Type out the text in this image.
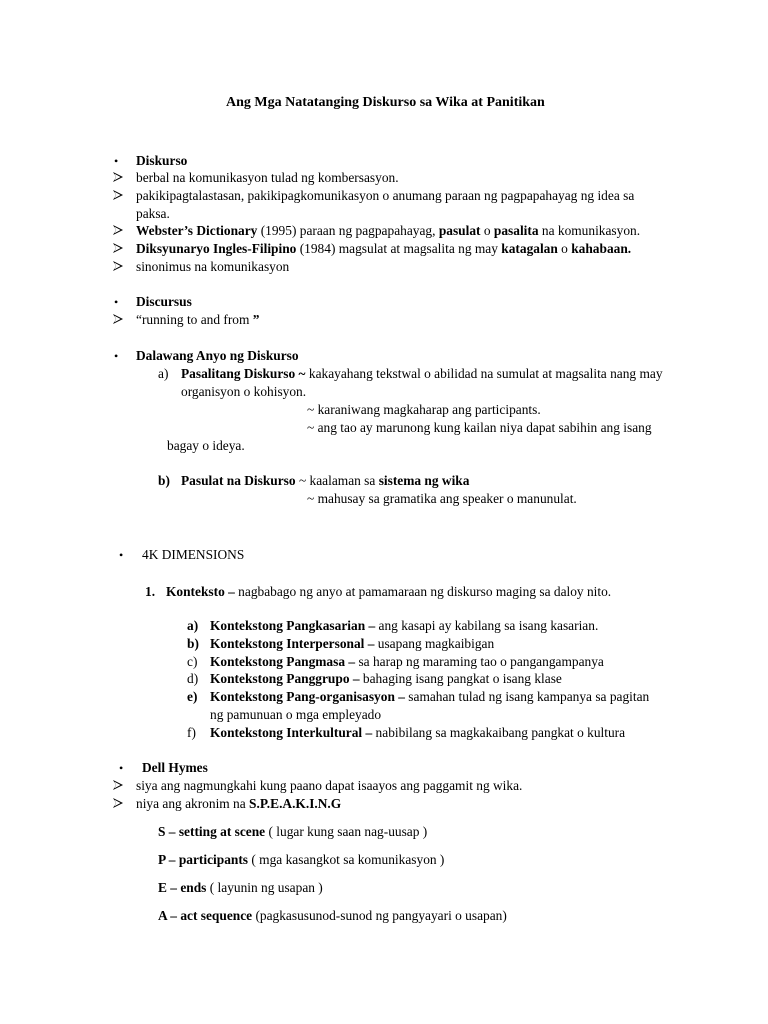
Ang Mga Natatanging Diskurso sa Wika at Panitikan
• Diskurso
berbal na komunikasyon tulad ng kombersasyon.
pakikipagtalastasan, pakikipagkomunikasyon o anumang paraan ng pagpapahayag ng idea sa
paksa.
Webster’s Dictionary (1995) paraan ng pagpapahayag, pasulat o pasalita na komunikasyon.
Diksyunaryo Ingles-Filipino (1984) magsulat at magsalita ng may katagalan o kahabaan.
sinonimus na komunikasyon
• Discursus
“running to and from ”
• Dalawang Anyo ng Diskurso
a) Pasalitang Diskurso ~ kakayahang tekstwal o abilidad na sumulat at magsalita nang may
organisyon o kohisyon.
~ karaniwang magkaharap ang participants.
~ ang tao ay marunong kung kailan niya dapat sabihin ang isang
bagay o ideya.
b) Pasulat na Diskurso ~ kaalaman sa sistema ng wika
~ mahusay sa gramatika ang speaker o manunulat.
• 4K DIMENSIONS
1. Konteksto – nagbabago ng anyo at pamamaraan ng diskurso maging sa daloy nito.
a) Kontekstong Pangkasarian – ang kasapi ay kabilang sa isang kasarian.
b) Kontekstong Interpersonal – usapang magkaibigan
c) Kontekstong Pangmasa – sa harap ng maraming tao o pangangampanya
d) Kontekstong Panggrupo – bahaging isang pangkat o isang klase
e) Kontekstong Pang-organisasyon – samahan tulad ng isang kampanya sa pagitan
ng pamunuan o mga empleyado
f) Kontekstong Interkultural – nabibilang sa magkakaibang pangkat o kultura
• Dell Hymes
siya ang nagmungkahi kung paano dapat isaayos ang paggamit ng wika.
niya ang akronim na S.P.E.A.K.I.N.G
S – setting at scene ( lugar kung saan nag-uusap )
P – participants ( mga kasangkot sa komunikasyon )
E – ends ( layunin ng usapan )
A – act sequence (pagkasusunod-sunod ng pangyayari o usapan)
